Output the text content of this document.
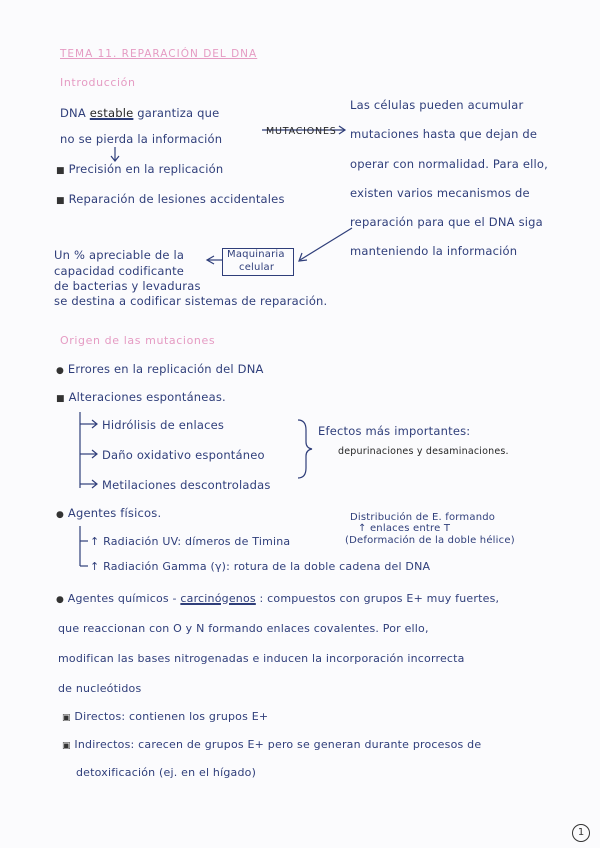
TEMA 11. REPARACIÓN DEL DNA
Introducción
DNA estable garantiza que
no se pierda la información
■ Precisión en la replicación
■ Reparación de lesiones accidentales
MUTACIONES
Las células pueden acumular
mutaciones hasta que dejan de
operar con normalidad. Para ello,
existen varios mecanismos de
reparación para que el DNA siga
manteniendo la información
Maquinaria
celular
Un % apreciable de la
capacidad codificante
de bacterias y levaduras
se destina a codificar sistemas de reparación.
Origen de las mutaciones
● Errores en la replicación del DNA
■ Alteraciones espontáneas.
Hidrólisis de enlaces
Daño oxidativo espontáneo
Metilaciones descontroladas
Efectos más importantes:
depurinaciones y desaminaciones.
● Agentes físicos.	Distribución de E. formando
↑ enlaces entre T
↑ Radiación UV: dímeros de Timina	(Deformación de la doble hélice)
↑ Radiación Gamma (γ): rotura de la doble cadena del DNA
● Agentes químicos - carcinógenos : compuestos con grupos E+ muy fuertes,
que reaccionan con O y N formando enlaces covalentes. Por ello,
modifican las bases nitrogenadas e inducen la incorporación incorrecta
de nucleótidos
▣ Directos: contienen los grupos E+
▣ Indirectos: carecen de grupos E+ pero se generan durante procesos de
detoxificación (ej. en el hígado)
1
